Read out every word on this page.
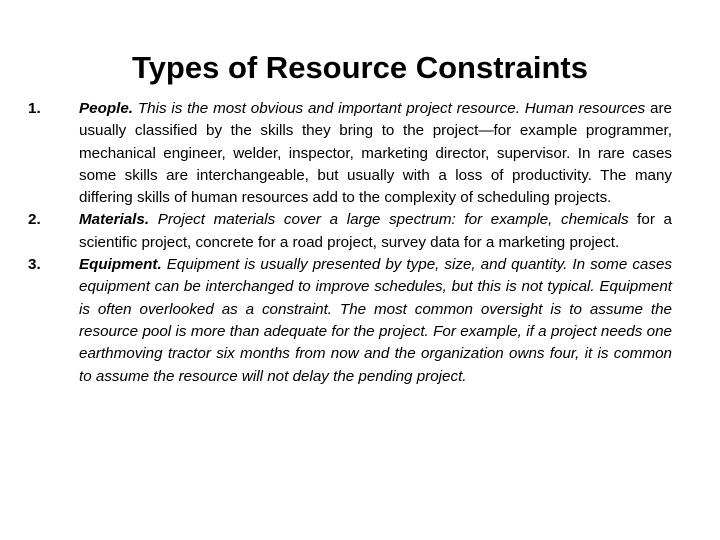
Types of Resource Constraints
1.	People. This is the most obvious and important project resource. Human resources are usually classified by the skills they bring to the project—for example programmer, mechanical engineer, welder, inspector, marketing director, supervisor. In rare cases some skills are interchangeable, but usually with a loss of productivity. The many differing skills of human resources add to the complexity of scheduling projects.
2.	Materials. Project materials cover a large spectrum: for example, chemicals for a scientific project, concrete for a road project, survey data for a marketing project.
3.	Equipment. Equipment is usually presented by type, size, and quantity. In some cases equipment can be interchanged to improve schedules, but this is not typical. Equipment is often overlooked as a constraint. The most common oversight is to assume the resource pool is more than adequate for the project. For example, if a project needs one earthmoving tractor six months from now and the organization owns four, it is common to assume the resource will not delay the pending project.
